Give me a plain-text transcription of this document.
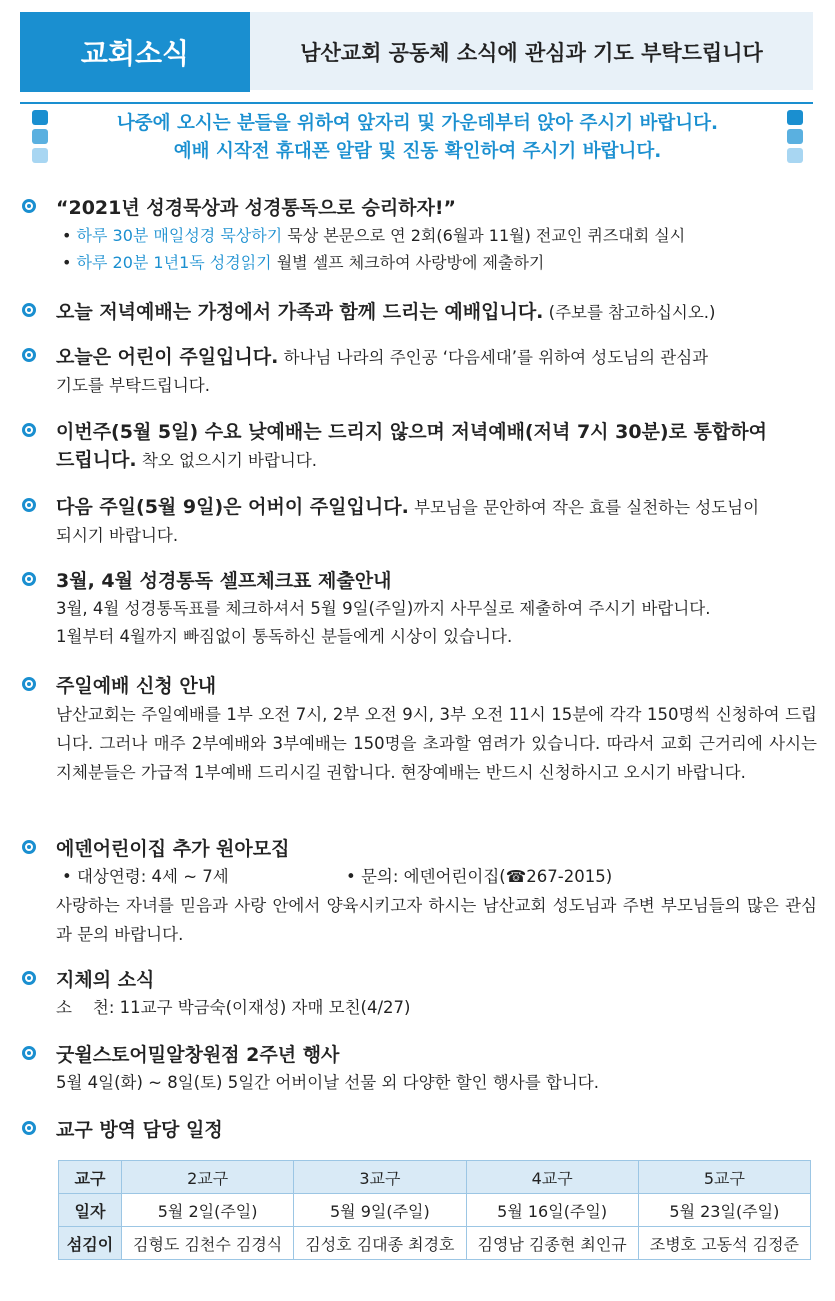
교회소식	남산교회 공동체 소식에 관심과 기도 부탁드립니다
나중에 오시는 분들을 위하여 앞자리 및 가운데부터 앉아 주시기 바랍니다.
예배 시작전 휴대폰 알람 및 진동 확인하여 주시기 바랍니다.
“2021년 성경묵상과 성경통독으로 승리하자!”
• 하루 30분 매일성경 묵상하기 묵상 본문으로 연 2회(6월과 11월) 전교인 퀴즈대회 실시
• 하루 20분 1년1독 성경읽기 월별 셀프 체크하여 사랑방에 제출하기
오늘 저녁예배는 가정에서 가족과 함께 드리는 예배입니다. (주보를 참고하십시오.)
오늘은 어린이 주일입니다. 하나님 나라의 주인공 ‘다음세대’를 위하여 성도님의 관심과
기도를 부탁드립니다.
이번주(5월 5일) 수요 낮예배는 드리지 않으며 저녁예배(저녁 7시 30분)로 통합하여
드립니다. 착오 없으시기 바랍니다.
다음 주일(5월 9일)은 어버이 주일입니다. 부모님을 문안하여 작은 효를 실천하는 성도님이
되시기 바랍니다.
3월, 4월 성경통독 셀프체크표 제출안내
3월, 4월 성경통독표를 체크하셔서 5월 9일(주일)까지 사무실로 제출하여 주시기 바랍니다.
1월부터 4월까지 빠짐없이 통독하신 분들에게 시상이 있습니다.
주일예배 신청 안내
남산교회는 주일예배를 1부 오전 7시, 2부 오전 9시, 3부 오전 11시 15분에 각각 150명씩 신청하여 드립니다. 그러나 매주 2부예배와 3부예배는 150명을 초과할 염려가 있습니다. 따라서 교회 근거리에 사시는 지체분들은 가급적 1부예배 드리시길 권합니다. 현장예배는 반드시 신청하시고 오시기 바랍니다.
에덴어린이집 추가 원아모집
• 대상연령: 4세 ~ 7세	• 문의: 에덴어린이집(☎267-2015)
사랑하는 자녀를 믿음과 사랑 안에서 양육시키고자 하시는 남산교회 성도님과 주변 부모님들의 많은 관심과 문의 바랍니다.
지체의 소식
소    천: 11교구 박금숙(이재성) 자매 모친(4/27)
굿윌스토어밀알창원점 2주년 행사
5월 4일(화) ~ 8일(토) 5일간 어버이날 선물 외 다양한 할인 행사를 합니다.
교구 방역 담당 일정
교구	2교구	3교구	4교구	5교구
일자	5월 2일(주일)	5월 9일(주일)	5월 16일(주일)	5월 23일(주일)
섬김이	김형도 김천수 김경식	김성호 김대종 최경호	김영남 김종현 최인규	조병호 고동석 김정준
